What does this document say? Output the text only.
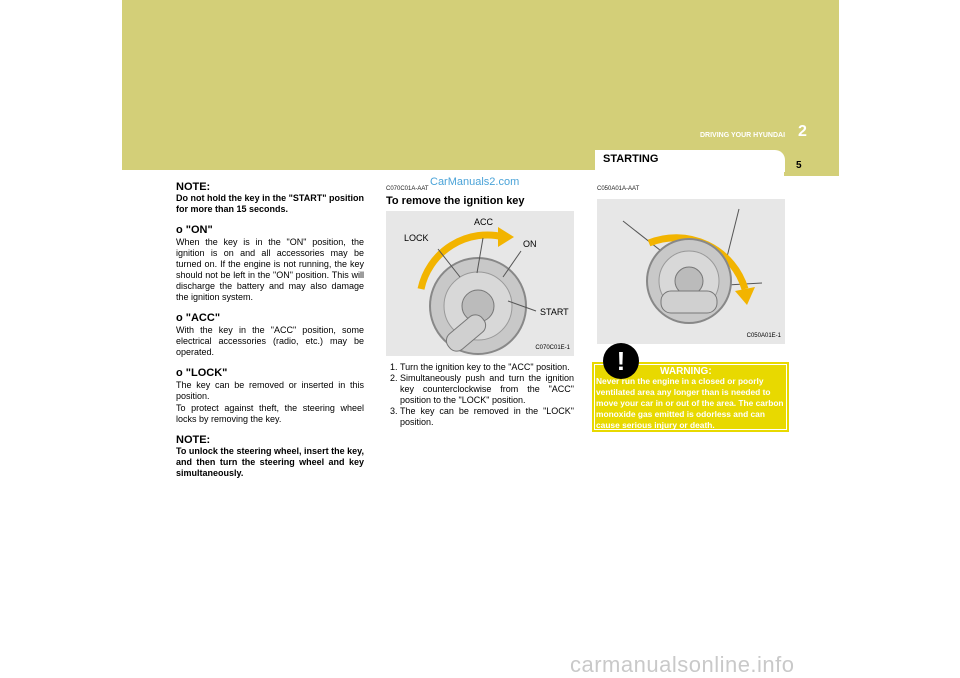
STARTING
DRIVING YOUR HYUNDAI 2
5
CarManuals2.com
NOTE:
Do not hold the key in the "START" position for more than 15 seconds.
o "ON"
When the key is in the "ON" position, the ignition is on and all accessories may be turned on. If the engine is not running, the key should not be left in the "ON" position. This will discharge the battery and may also damage the ignition system.
o "ACC"
With the key in the "ACC" position, some electrical accessories (radio, etc.) may be operated.
o "LOCK"
The key can be removed or inserted in this position.
To protect against theft, the steering wheel locks by removing the key.
NOTE:
To unlock the steering wheel, insert the key, and then turn the steering wheel and key simultaneously.
C070C01A-AAT
To remove the ignition key
LOCK
ACC
ON
START
C070C01E-1
1. Turn the ignition key to the "ACC" position.
2. Simultaneously push and turn the ignition key counterclockwise from the "ACC" position to the "LOCK" position.
3. The key can be removed in the "LOCK" position.
C050A01A-AAT
C050A01E-1
!	WARNING:
Never run the engine in a closed or poorly ventilated area any longer than is needed to move your car in or out of the area. The carbon monoxide gas emitted is odorless and can cause serious injury or death.
carmanualsonline.info
